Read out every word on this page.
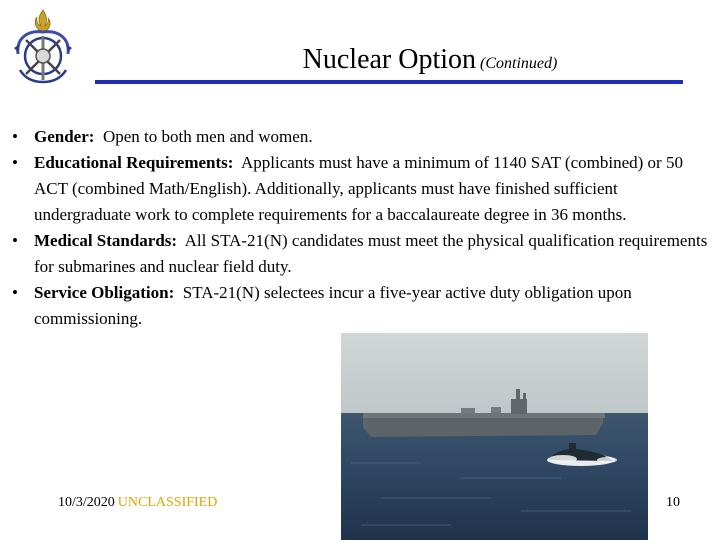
Nuclear Option (Continued)
• Gender: Open to both men and women.
• Educational Requirements: Applicants must have a minimum of 1140 SAT (combined) or 50 ACT (combined Math/English). Additionally, applicants must have finished sufficient undergraduate work to complete requirements for a baccalaureate degree in 36 months.
• Medical Standards: All STA-21(N) candidates must meet the physical qualification requirements for submarines and nuclear field duty.
• Service Obligation: STA-21(N) selectees incur a five-year active duty obligation upon commissioning.
10/3/2020 UNCLASSIFIED	10
